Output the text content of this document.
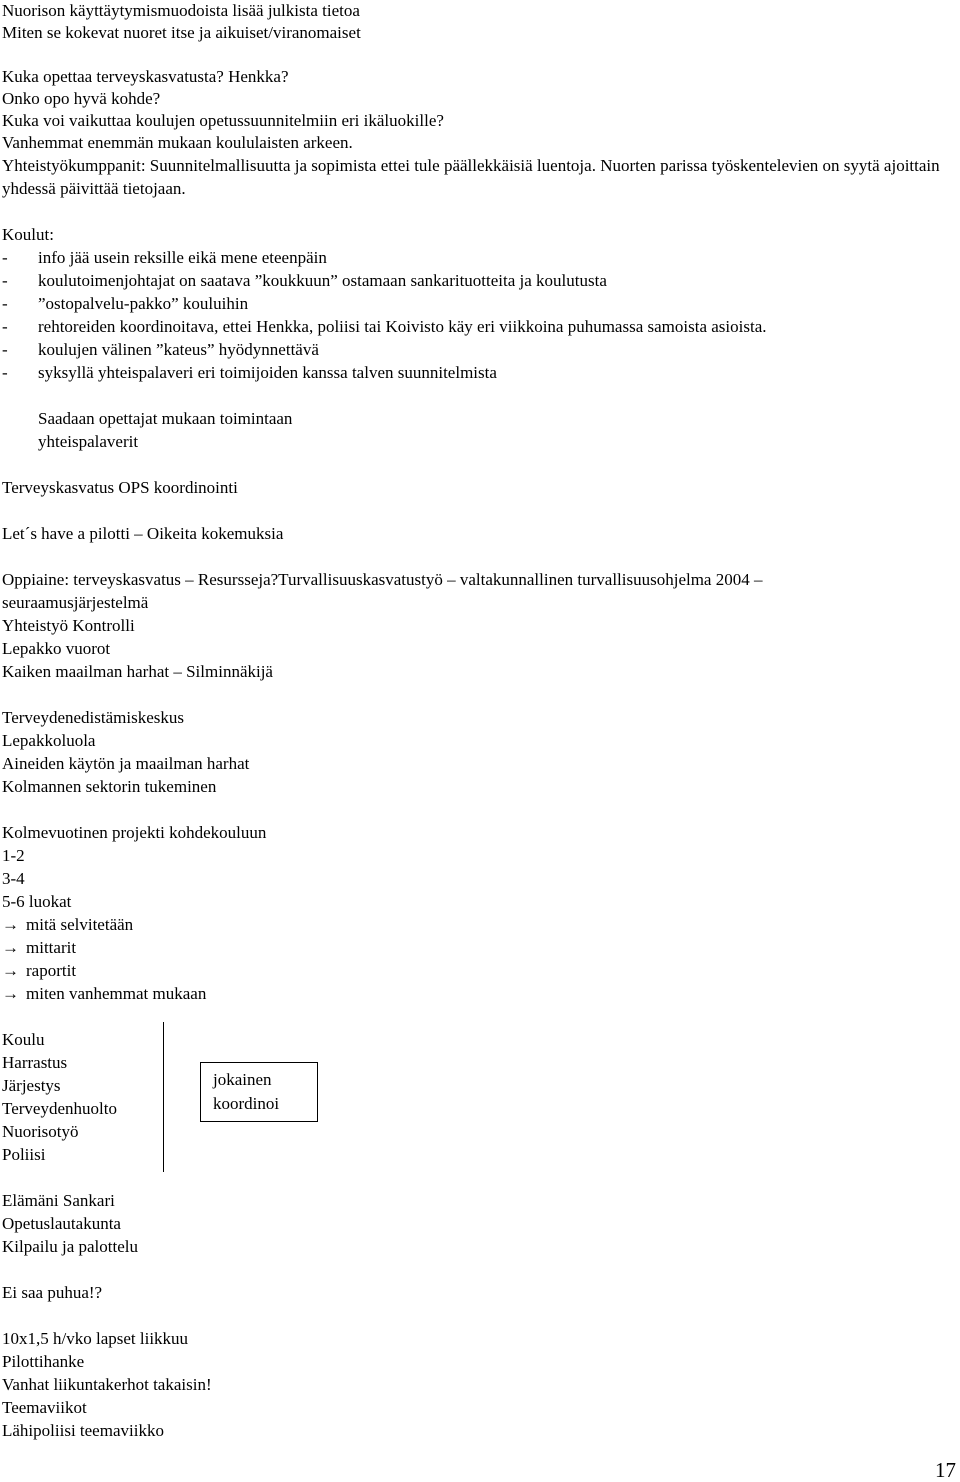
Nuorison käyttäytymismuodoista lisää julkista tietoa
Miten se kokevat nuoret itse ja aikuiset/viranomaiset
Kuka opettaa terveyskasvatusta? Henkka?
Onko opo hyvä kohde?
Kuka voi vaikuttaa koulujen opetussuunnitelmiin eri ikäluokille?
Vanhemmat enemmän mukaan koululaisten arkeen.
Yhteistyökumppanit: Suunnitelmallisuutta ja sopimista ettei tule päällekkäisiä luentoja. Nuorten parissa työskentelevien on syytä ajoittain yhdessä päivittää tietojaan.
Koulut:
-	info jää usein reksille eikä mene eteenpäin
-	koulutoimenjohtajat on saatava ”koukkuun” ostamaan sankarituotteita ja koulutusta
-	”ostopalvelu-pakko” kouluihin
-	rehtoreiden koordinoitava, ettei Henkka, poliisi tai Koivisto käy eri viikkoina puhumassa samoista asioista.
-	koulujen välinen ”kateus” hyödynnettävä
-	syksyllä yhteispalaveri eri toimijoiden kanssa talven suunnitelmista
Saadaan opettajat mukaan toimintaan
yhteispalaverit
Terveyskasvatus OPS koordinointi
Let´s have a pilotti – Oikeita kokemuksia
Oppiaine: terveyskasvatus – Resursseja?Turvallisuuskasvatustyö – valtakunnallinen turvallisuusohjelma 2004 –
seuraamusjärjestelmä
Yhteistyö Kontrolli
Lepakko vuorot
Kaiken maailman harhat – Silminnäkijä
Terveydenedistämiskeskus
Lepakkoluola
Aineiden käytön ja maailman harhat
Kolmannen sektorin tukeminen
Kolmevuotinen projekti kohdekouluun
1-2
3-4
5-6 luokat
→ mitä selvitetään
→ mittarit
→ raportit
→ miten vanhemmat mukaan
Koulu
Harrastus
Järjestys
Terveydenhuolto
Nuorisotyö
Poliisi
jokainen
koordinoi
Elämäni Sankari
Opetuslautakunta
Kilpailu ja palottelu
Ei saa puhua!?
10x1,5 h/vko lapset liikkuu
Pilottihanke
Vanhat liikuntakerhot takaisin!
Teemaviikot
Lähipoliisi teemaviikko
17
